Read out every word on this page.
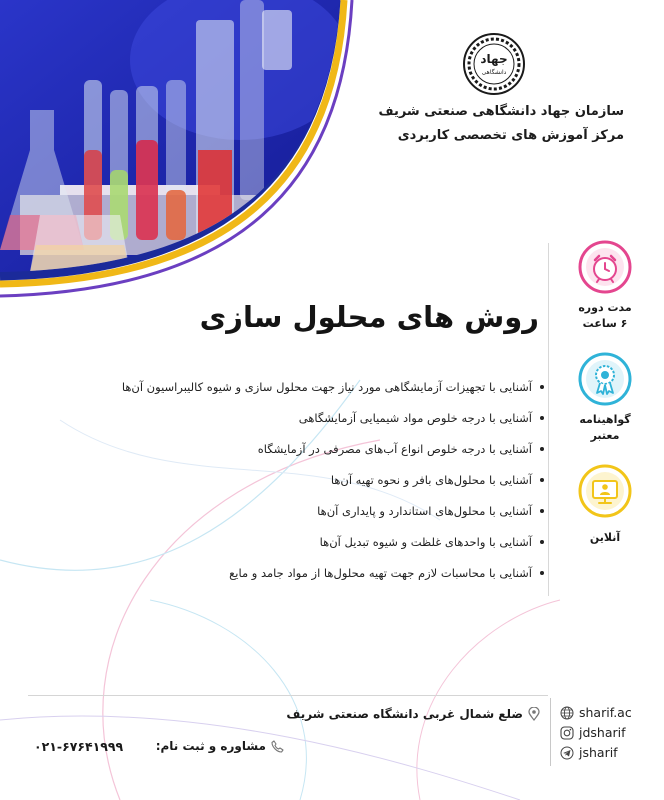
جهاد
دانشگاهی
سازمان جهاد دانشگاهی صنعتی شریف
مرکز آموزش های تخصصی کاربردی
روش های محلول سازی
آشنایی با تجهیزات آزمایشگاهی مورد نیاز جهت محلول سازی و شیوه کالیبراسیون آن‌ها
آشنایی با درجه خلوص مواد شیمیایی آزمایشگاهی
آشنایی با درجه خلوص انواع آب‌های مصرفی در آزمایشگاه
آشنایی با محلول‌های بافر و نحوه تهیه آن‌ها
آشنایی با محلول‌های استاندارد و پایداری آن‌ها
آشنایی با واحدهای غلظت و شیوه تبدیل آن‌ها
آشنایی با محاسبات لازم جهت تهیه محلول‌ها از مواد جامد و مایع
مدت دوره
۶ ساعت
گواهینامه
معتبر
آنلاین
ضلع شمال غربی دانشگاه صنعتی شریف
مشاوره و ثبت نام:
۰۲۱-۶۷۶۴۱۹۹۹
sharif.ac
jdsharif
jsharif
